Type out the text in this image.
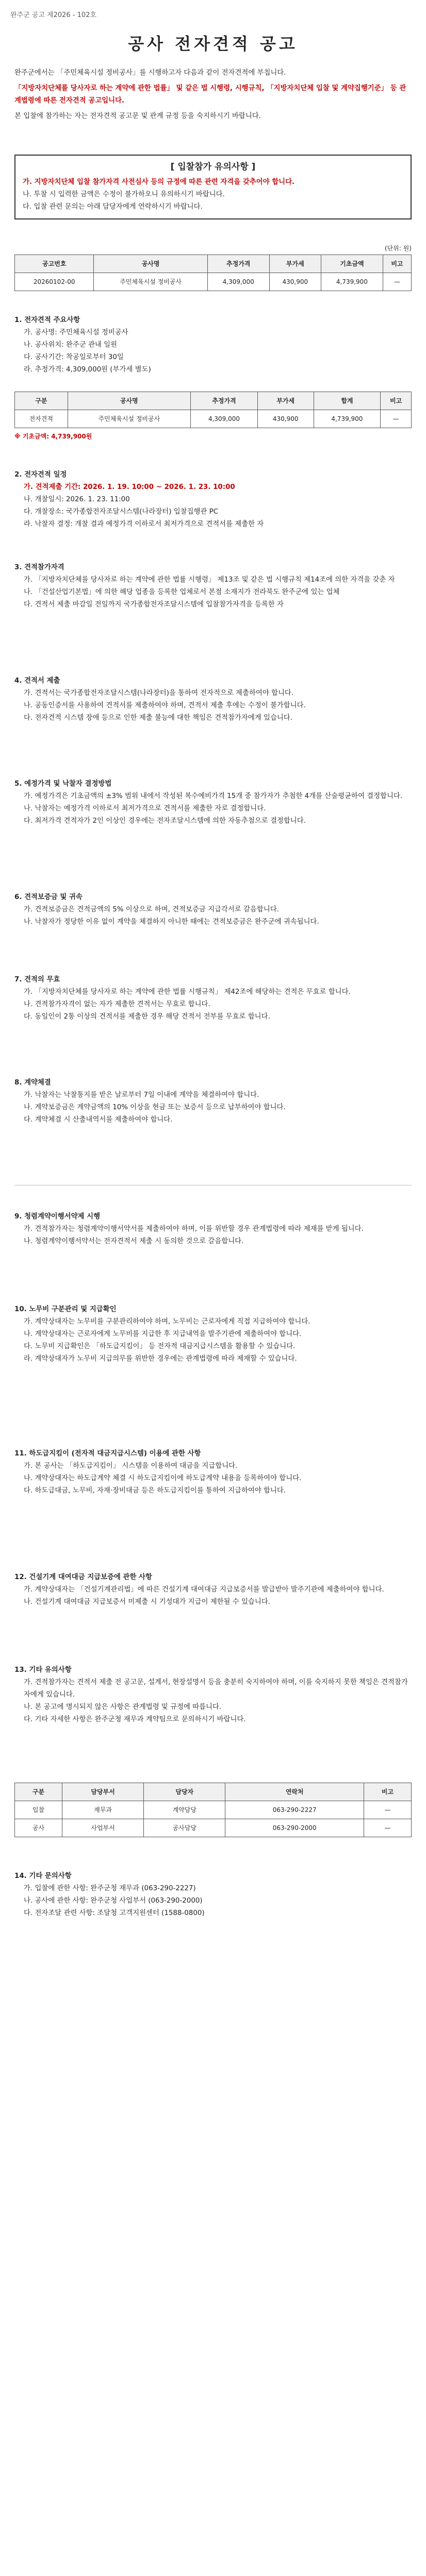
완주군 공고 제2026 - 102호
공사 전자견적 공고

완주군에서는 「주민체육시설 정비공사」를 시행하고자 다음과 같이 전자견적에 부칩니다.

「지방자치단체를 당사자로 하는 계약에 관한 법률」 및 같은 법 시행령, 시행규칙, 「지방자치단체 입찰 및 계약집행기준」 등 관계법령에 따른 전자견적 공고입니다.

본 입찰에 참가하는 자는 전자견적 공고문 및 관계 규정 등을 숙지하시기 바랍니다.

[ 입찰참가 유의사항 ]
가. 지방자치단체 입찰 참가자격 사전심사 등의 규정에 따른 관련 자격을 갖추어야 합니다.
나. 투찰 시 입력한 금액은 수정이 불가하오니 유의하시기 바랍니다.
다. 입찰 관련 문의는 아래 담당자에게 연락하시기 바랍니다.
(단위: 원)
공고번호	공사명	추정가격	부가세	기초금액	비고
20260102-00	주민체육시설 정비공사	4,309,000	430,900	4,739,900	—
1. 전자견적 주요사항
가. 공사명: 주민체육시설 정비공사
나. 공사위치: 완주군 관내 일원
다. 공사기간: 착공일로부터 30일
라. 추정가격: 4,309,000원 (부가세 별도)
구분	공사명	추정가격	부가세	합계	비고
전자견적	주민체육시설 정비공사	4,309,000	430,900	4,739,900	—
※ 기초금액: 4,739,900원
2. 전자견적 일정
가. 견적제출 기간: 2026. 1. 19. 10:00 ~ 2026. 1. 23. 10:00
나. 개찰일시: 2026. 1. 23. 11:00
다. 개찰장소: 국가종합전자조달시스템(나라장터) 입찰집행관 PC
라. 낙찰자 결정: 개찰 결과 예정가격 이하로서 최저가격으로 견적서를 제출한 자
3. 견적참가자격
가. 「지방자치단체를 당사자로 하는 계약에 관한 법률 시행령」 제13조 및 같은 법 시행규칙 제14조에 의한 자격을 갖춘 자
나. 「건설산업기본법」에 의한 해당 업종을 등록한 업체로서 본점 소재지가 전라북도 완주군에 있는 업체
다. 견적서 제출 마감일 전일까지 국가종합전자조달시스템에 입찰참가자격을 등록한 자
4. 견적서 제출
가. 견적서는 국가종합전자조달시스템(나라장터)을 통하여 전자적으로 제출하여야 합니다.
나. 공동인증서를 사용하여 견적서를 제출하여야 하며, 견적서 제출 후에는 수정이 불가합니다.
다. 전자견적 시스템 장애 등으로 인한 제출 불능에 대한 책임은 견적참가자에게 있습니다.
5. 예정가격 및 낙찰자 결정방법
가. 예정가격은 기초금액의 ±3% 범위 내에서 작성된 복수예비가격 15개 중 참가자가 추첨한 4개를 산술평균하여 결정합니다.
나. 낙찰자는 예정가격 이하로서 최저가격으로 견적서를 제출한 자로 결정합니다.
다. 최저가격 견적자가 2인 이상인 경우에는 전자조달시스템에 의한 자동추첨으로 결정합니다.
6. 견적보증금 및 귀속
가. 견적보증금은 견적금액의 5% 이상으로 하며, 견적보증금 지급각서로 갈음합니다.
나. 낙찰자가 정당한 이유 없이 계약을 체결하지 아니한 때에는 견적보증금은 완주군에 귀속됩니다.
7. 견적의 무효
가. 「지방자치단체를 당사자로 하는 계약에 관한 법률 시행규칙」 제42조에 해당하는 견적은 무효로 합니다.
나. 견적참가자격이 없는 자가 제출한 견적서는 무효로 합니다.
다. 동일인이 2통 이상의 견적서를 제출한 경우 해당 견적서 전부를 무효로 합니다.
8. 계약체결
가. 낙찰자는 낙찰통지를 받은 날로부터 7일 이내에 계약을 체결하여야 합니다.
나. 계약보증금은 계약금액의 10% 이상을 현금 또는 보증서 등으로 납부하여야 합니다.
다. 계약체결 시 산출내역서를 제출하여야 합니다.
9. 청렴계약이행서약제 시행
가. 견적참가자는 청렴계약이행서약서를 제출하여야 하며, 이를 위반할 경우 관계법령에 따라 제재를 받게 됩니다.
나. 청렴계약이행서약서는 전자견적서 제출 시 동의한 것으로 갈음합니다.
10. 노무비 구분관리 및 지급확인
가. 계약상대자는 노무비를 구분관리하여야 하며, 노무비는 근로자에게 직접 지급하여야 합니다.
나. 계약상대자는 근로자에게 노무비를 지급한 후 지급내역을 발주기관에 제출하여야 합니다.
다. 노무비 지급확인은 「하도급지킴이」 등 전자적 대금지급시스템을 활용할 수 있습니다.
라. 계약상대자가 노무비 지급의무를 위반한 경우에는 관계법령에 따라 제재할 수 있습니다.
11. 하도급지킴이 (전자적 대금지급시스템) 이용에 관한 사항
가. 본 공사는 「하도급지킴이」 시스템을 이용하여 대금을 지급합니다.
나. 계약상대자는 하도급계약 체결 시 하도급지킴이에 하도급계약 내용을 등록하여야 합니다.
다. 하도급대금, 노무비, 자재·장비대금 등은 하도급지킴이를 통하여 지급하여야 합니다.
12. 건설기계 대여대금 지급보증에 관한 사항
가. 계약상대자는 「건설기계관리법」에 따른 건설기계 대여대금 지급보증서를 발급받아 발주기관에 제출하여야 합니다.
나. 건설기계 대여대금 지급보증서 미제출 시 기성대가 지급이 제한될 수 있습니다.
13. 기타 유의사항
가. 견적참가자는 견적서 제출 전 공고문, 설계서, 현장설명서 등을 충분히 숙지하여야 하며, 이를 숙지하지 못한 책임은 견적참가자에게 있습니다.
나. 본 공고에 명시되지 않은 사항은 관계법령 및 규정에 따릅니다.
다. 기타 자세한 사항은 완주군청 재무과 계약팀으로 문의하시기 바랍니다.
구분	담당부서	담당자	연락처	비고
입찰	재무과	계약담당	063-290-2227	—
공사	사업부서	공사담당	063-290-2000	—
14. 기타 문의사항
가. 입찰에 관한 사항: 완주군청 재무과 (063-290-2227)
나. 공사에 관한 사항: 완주군청 사업부서 (063-290-2000)
다. 전자조달 관련 사항: 조달청 고객지원센터 (1588-0800)
